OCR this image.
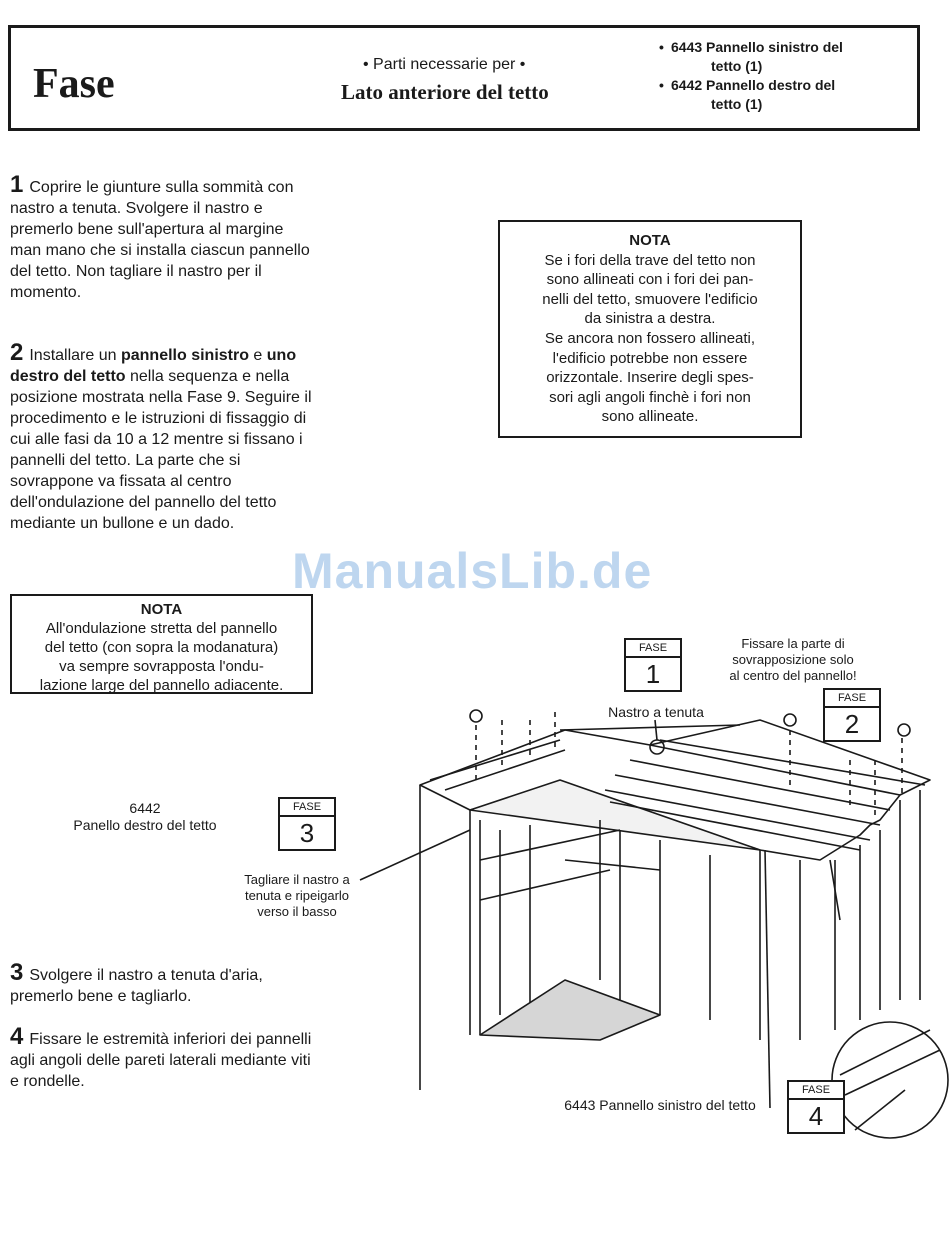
Fase	• Parti necessarie per •
Lato anteriore del tetto
• 6443 Pannello sinistro del
tetto (1)
• 6442 Pannello destro del
tetto (1)

1 Coprire le giunture sulla sommità con nastro a tenuta. Svolgere il nastro e premerlo bene sull'apertura al margine man mano che si installa ciascun pannello del tetto. Non tagliare il nastro per il momento.

2 Installare un pannello sinistro e uno destro del tetto nella sequenza e nella posizione mostrata nella Fase 9. Seguire il procedimento e le istruzioni di fissaggio di cui alle fasi da 10 a 12 mentre si fissano i pannelli del tetto. La parte che si sovrappone va fissata al centro dell'ondulazione del pannello del tetto mediante un bullone e un dado.

3 Svolgere il nastro a tenuta d'aria, premerlo bene e tagliarlo.

4 Fissare le estremità inferiori dei pannelli agli angoli delle pareti laterali mediante viti e rondelle.

NOTA
Se i fori della trave del tetto non
sono allineati con i fori dei pan-
nelli del tetto, smuovere l'edificio
da sinistra a destra.
Se ancora non fossero allineati,
l'edificio potrebbe non essere
orizzontale. Inserire degli spes-
sori agli angoli finchè i fori non
sono allineate.
NOTA
All'ondulazione stretta del pannello
del tetto (con sopra la modanatura)
va sempre sovrapposta l'ondu-
lazione large del pannello adiacente.
Fissare la parte di
sovrapposizione solo
al centro del pannello!
Nastro a tenuta
6442
Panello destro del tetto
Tagliare il nastro a
tenuta e ripeigarlo
verso il basso
6443 Pannello sinistro del tetto
FASE
1
FASE
2
FASE
3
FASE
4
ManualsLib.de
